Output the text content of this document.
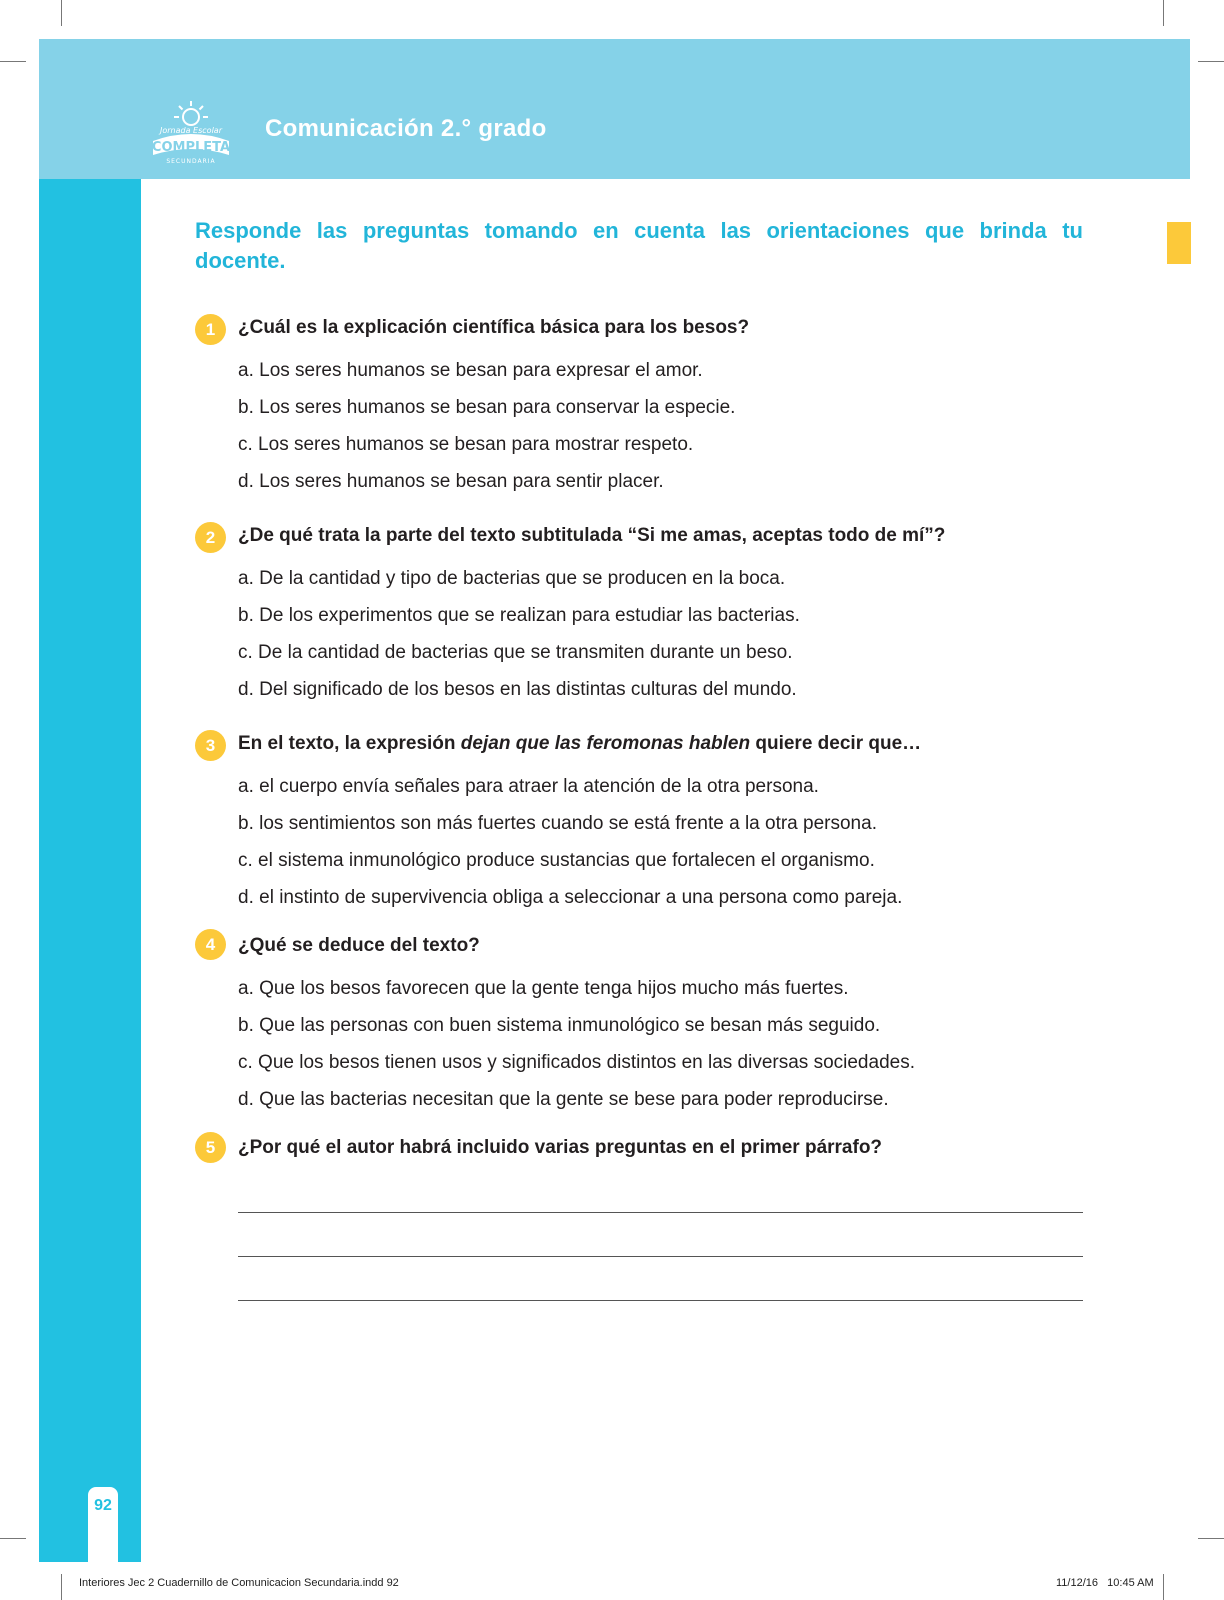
Jornada Escolar
COMPLETA
SECUNDARIA
Comunicación 2.° grado
92
Responde las preguntas tomando en cuenta las orientaciones que brinda tu docente.
1	¿Cuál es la explicación científica básica para los besos?
a. Los seres humanos se besan para expresar el amor.
b. Los seres humanos se besan para conservar la especie.
c. Los seres humanos se besan para mostrar respeto.
d. Los seres humanos se besan para sentir placer.
2	¿De qué trata la parte del texto subtitulada “Si me amas, aceptas todo de mí”?
a. De la cantidad y tipo de bacterias que se producen en la boca.
b. De los experimentos que se realizan para estudiar las bacterias.
c. De la cantidad de bacterias que se transmiten durante un beso.
d. Del significado de los besos en las distintas culturas del mundo.
3	En el texto, la expresión dejan que las feromonas hablen quiere decir que…
a. el cuerpo envía señales para atraer la atención de la otra persona.
b. los sentimientos son más fuertes cuando se está frente a la otra persona.
c. el sistema inmunológico produce sustancias que fortalecen el organismo.
d. el instinto de supervivencia obliga a seleccionar a una persona como pareja.
4	¿Qué se deduce del texto?
a. Que los besos favorecen que la gente tenga hijos mucho más fuertes.
b. Que las personas con buen sistema inmunológico se besan más seguido.
c. Que los besos tienen usos y significados distintos en las diversas sociedades.
d. Que las bacterias necesitan que la gente se bese para poder reproducirse.
5	¿Por qué el autor habrá incluido varias preguntas en el primer párrafo?
Interiores Jec 2 Cuadernillo de Comunicacion Secundaria.indd 92	11/12/16   10:45 AM
